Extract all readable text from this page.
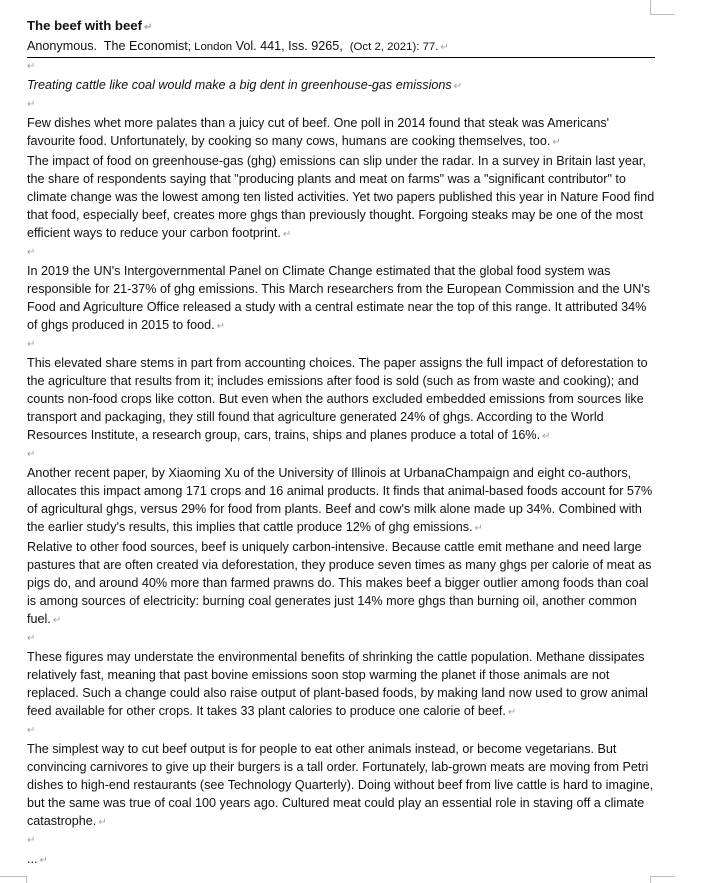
The beef with beef ↵
Anonymous. The Economist; London Vol. 441, Iss. 9265, (Oct 2, 2021): 77. ↵
↵

Treating cattle like coal would make a big dent in greenhouse-gas emissions ↵

↵

Few dishes whet more palates than a juicy cut of beef. One poll in 2014 found that steak was Americans' favourite food. Unfortunately, by cooking so many cows, humans are cooking themselves, too. ↵

The impact of food on greenhouse-gas (ghg) emissions can slip under the radar. In a survey in Britain last year, the share of respondents saying that "producing plants and meat on farms" was a "significant contributor" to climate change was the lowest among ten listed activities. Yet two papers published this year in Nature Food find that food, especially beef, creates more ghgs than previously thought. Forgoing steaks may be one of the most efficient ways to reduce your carbon footprint. ↵

↵

In 2019 the UN's Intergovernmental Panel on Climate Change estimated that the global food system was responsible for 21-37% of ghg emissions. This March researchers from the European Commission and the UN's Food and Agriculture Office released a study with a central estimate near the top of this range. It attributed 34% of ghgs produced in 2015 to food. ↵

↵

This elevated share stems in part from accounting choices. The paper assigns the full impact of deforestation to the agriculture that results from it; includes emissions after food is sold (such as from waste and cooking); and counts non-food crops like cotton. But even when the authors excluded embedded emissions from sources like transport and packaging, they still found that agriculture generated 24% of ghgs. According to the World Resources Institute, a research group, cars, trains, ships and planes produce a total of 16%. ↵

↵

Another recent paper, by Xiaoming Xu of the University of Illinois at UrbanaChampaign and eight co-authors, allocates this impact among 171 crops and 16 animal products. It finds that animal-based foods account for 57% of agricultural ghgs, versus 29% for food from plants. Beef and cow's milk alone made up 34%. Combined with the earlier study's results, this implies that cattle produce 12% of ghg emissions. ↵

Relative to other food sources, beef is uniquely carbon-intensive. Because cattle emit methane and need large pastures that are often created via deforestation, they produce seven times as many ghgs per calorie of meat as pigs do, and around 40% more than farmed prawns do. This makes beef a bigger outlier among foods than coal is among sources of electricity: burning coal generates just 14% more ghgs than burning oil, another common fuel. ↵

↵

These figures may understate the environmental benefits of shrinking the cattle population. Methane dissipates relatively fast, meaning that past bovine emissions soon stop warming the planet if those animals are not replaced. Such a change could also raise output of plant-based foods, by making land now used to grow animal feed available for other crops. It takes 33 plant calories to produce one calorie of beef. ↵

↵

The simplest way to cut beef output is for people to eat other animals instead, or become vegetarians. But convincing carnivores to give up their burgers is a tall order. Fortunately, lab-grown meats are moving from Petri dishes to high-end restaurants (see Technology Quarterly). Doing without beef from live cattle is hard to imagine, but the same was true of coal 100 years ago. Cultured meat could play an essential role in staving off a climate catastrophe. ↵

↵

... ↵
